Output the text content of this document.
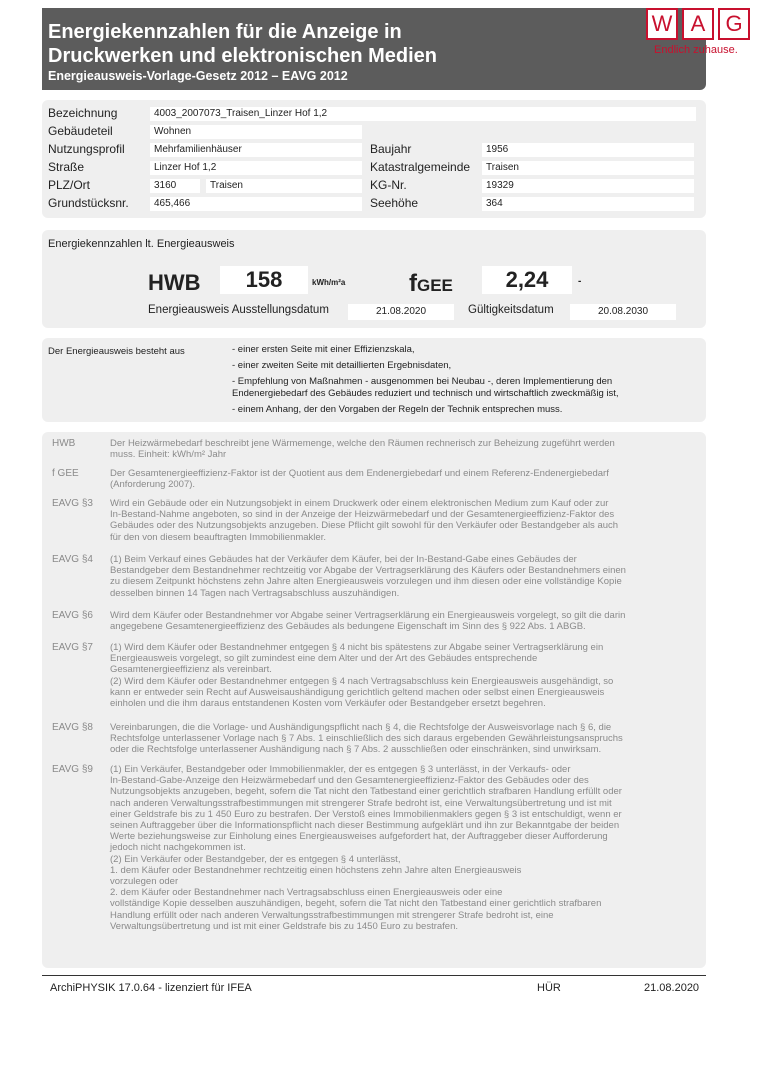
Energiekennzahlen für die Anzeige in
Druckwerken und elektronischen Medien
Energieausweis-Vorlage-Gesetz 2012 – EAVG 2012
W A G
Endlich zuhause.
Bezeichnung	4003_2007073_Traisen_Linzer Hof 1,2
Gebäudeteil	Wohnen
Nutzungsprofil	Mehrfamilienhäuser	Baujahr	1956
Straße	Linzer Hof 1,2	Katastralgemeinde	Traisen
PLZ/Ort	3160	Traisen	KG-Nr.	19329
Grundstücksnr.	465,466	Seehöhe	364
Energiekennzahlen lt. Energieausweis
HWB	158	kWh/m²a	fGEE	2,24	-
Energieausweis Ausstellungsdatum	21.08.2020	Gültigkeitsdatum	20.08.2030
Der Energieausweis besteht aus	- einer ersten Seite mit einer Effizienzskala,
- einer zweiten Seite mit detaillierten Ergebnisdaten,
- Empfehlung von Maßnahmen - ausgenommen bei Neubau -, deren Implementierung den
Endenergiebedarf des Gebäudes reduziert und technisch und wirtschaftlich zweckmäßig ist,
- einem Anhang, der den Vorgaben der Regeln der Technik entsprechen muss.
HWB	Der Heizwärmebedarf beschreibt jene Wärmemenge, welche den Räumen rechnerisch zur Beheizung zugeführt werden
muss. Einheit: kWh/m² Jahr
f GEE	Der Gesamtenergieeffizienz-Faktor ist der Quotient aus dem Endenergiebedarf und einem Referenz-Endenergiebedarf
(Anforderung 2007).
EAVG §3 Wird ein Gebäude oder ein Nutzungsobjekt in einem Druckwerk oder einem elektronischen Medium zum Kauf oder zur
In-Bestand-Nahme angeboten, so sind in der Anzeige der Heizwärmebedarf und der Gesamtenergieeffizienz-Faktor des
Gebäudes oder des Nutzungsobjekts anzugeben. Diese Pflicht gilt sowohl für den Verkäufer oder Bestandgeber als auch
für den von diesem beauftragten Immobilienmakler.
EAVG §4 (1) Beim Verkauf eines Gebäudes hat der Verkäufer dem Käufer, bei der In-Bestand-Gabe eines Gebäudes der
Bestandgeber dem Bestandnehmer rechtzeitig vor Abgabe der Vertragserklärung des Käufers oder Bestandnehmers einen
zu diesem Zeitpunkt höchstens zehn Jahre alten Energieausweis vorzulegen und ihm diesen oder eine vollständige Kopie
desselben binnen 14 Tagen nach Vertragsabschluss auszuhändigen.
EAVG §6 Wird dem Käufer oder Bestandnehmer vor Abgabe seiner Vertragserklärung ein Energieausweis vorgelegt, so gilt die darin
angegebene Gesamtenergieeffizienz des Gebäudes als bedungene Eigenschaft im Sinn des § 922 Abs. 1 ABGB.
EAVG §7 (1) Wird dem Käufer oder Bestandnehmer entgegen § 4 nicht bis spätestens zur Abgabe seiner Vertragserklärung ein
Energieausweis vorgelegt, so gilt zumindest eine dem Alter und der Art des Gebäudes entsprechende
Gesamtenergieeffizienz als vereinbart.
(2) Wird dem Käufer oder Bestandnehmer entgegen § 4 nach Vertragsabschluss kein Energieausweis ausgehändigt, so
kann er entweder sein Recht auf Ausweisaushändigung gerichtlich geltend machen oder selbst einen Energieausweis
einholen und die ihm daraus entstandenen Kosten vom Verkäufer oder Bestandgeber ersetzt begehren.
EAVG §8 Vereinbarungen, die die Vorlage- und Aushändigungspflicht nach § 4, die Rechtsfolge der Ausweisvorlage nach § 6, die
Rechtsfolge unterlassener Vorlage nach § 7 Abs. 1 einschließlich des sich daraus ergebenden Gewährleistungsanspruchs
oder die Rechtsfolge unterlassener Aushändigung nach § 7 Abs. 2 ausschließen oder einschränken, sind unwirksam.
EAVG §9 (1) Ein Verkäufer, Bestandgeber oder Immobilienmakler, der es entgegen § 3 unterlässt, in der Verkaufs- oder
In-Bestand-Gabe-Anzeige den Heizwärmebedarf und den Gesamtenergieeffizienz-Faktor des Gebäudes oder des
Nutzungsobjekts anzugeben, begeht, sofern die Tat nicht den Tatbestand einer gerichtlich strafbaren Handlung erfüllt oder
nach anderen Verwaltungsstrafbestimmungen mit strengerer Strafe bedroht ist, eine Verwaltungsübertretung und ist mit
einer Geldstrafe bis zu 1 450 Euro zu bestrafen. Der Verstoß eines Immobilienmaklers gegen § 3 ist entschuldigt, wenn er
seinen Auftraggeber über die Informationspflicht nach dieser Bestimmung aufgeklärt und ihn zur Bekanntgabe der beiden
Werte beziehungsweise zur Einholung eines Energieausweises aufgefordert hat, der Auftraggeber dieser Aufforderung
jedoch nicht nachgekommen ist.
(2) Ein Verkäufer oder Bestandgeber, der es entgegen § 4 unterlässt,
1. dem Käufer oder Bestandnehmer rechtzeitig einen höchstens zehn Jahre alten Energieausweis
vorzulegen oder
2. dem Käufer oder Bestandnehmer nach Vertragsabschluss einen Energieausweis oder eine
vollständige Kopie desselben auszuhändigen, begeht, sofern die Tat nicht den Tatbestand einer gerichtlich strafbaren
Handlung erfüllt oder nach anderen Verwaltungsstrafbestimmungen mit strengerer Strafe bedroht ist, eine
Verwaltungsübertretung und ist mit einer Geldstrafe bis zu 1450 Euro zu bestrafen.
ArchiPHYSIK 17.0.64 - lizenziert für IFEA	HÜR	21.08.2020
